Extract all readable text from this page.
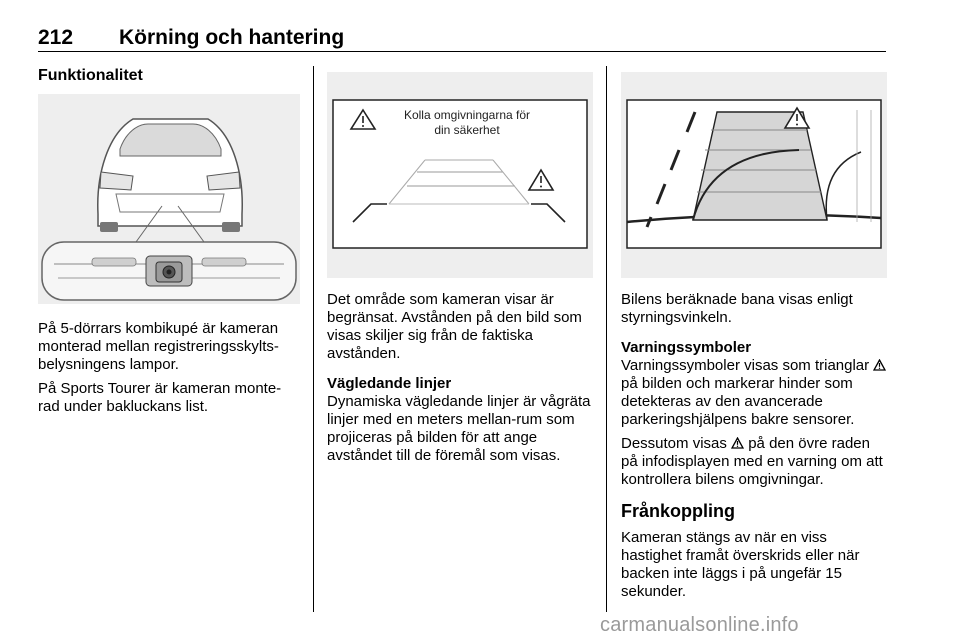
212 Körning och hantering
Funktionalitet

På 5-dörrars kombikupé är kameran monterad mellan registreringsskylts-belysningens lampor.

På Sports Tourer är kameran monte-rad under bakluckans list.

Kolla omgivningarna för
din säkerhet

Det område som kameran visar är begränsat. Avstånden på den bild som visas skiljer sig från de faktiska avstånden.

Vägledande linjer

Dynamiska vägledande linjer är vågräta linjer med en meters mellan-rum som projiceras på bilden för att ange avståndet till de föremål som visas.

Bilens beräknade bana visas enligt styrningsvinkeln.

Varningssymboler

Varningssymboler visas som trianglar  på bilden och markerar hinder som detekteras av den avancerade parkeringshjälpens bakre sensorer.

Dessutom visas  på den övre raden på infodisplayen med en varning om att kontrollera bilens omgivningar.

Frånkoppling

Kameran stängs av när en viss hastighet framåt överskrids eller när backen inte läggs i på ungefär 15 sekunder.

carmanualsonline.info
